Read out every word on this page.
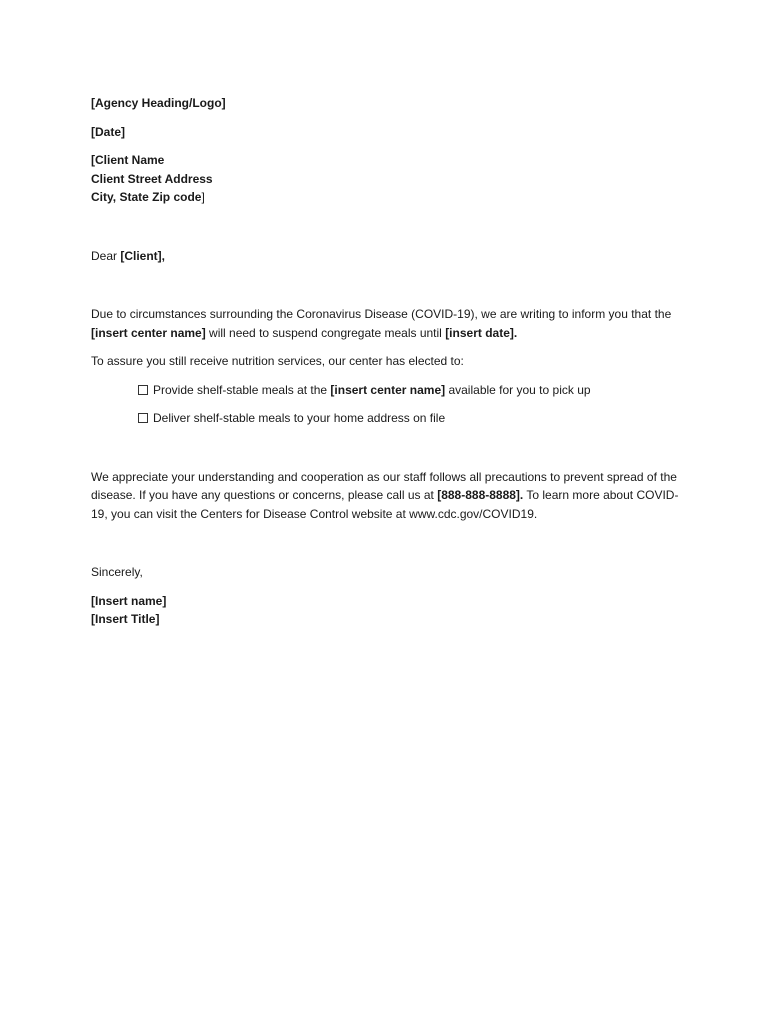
[Agency Heading/Logo]

[Date]

[Client Name

Client Street Address

City, State Zip code]

Dear [Client],

Due to circumstances surrounding the Coronavirus Disease (COVID-19), we are writing to inform you that the [insert center name] will need to suspend congregate meals until [insert date].

To assure you still receive nutrition services, our center has elected to:

Provide shelf-stable meals at the [insert center name] available for you to pick up

Deliver shelf-stable meals to your home address on file

We appreciate your understanding and cooperation as our staff follows all precautions to prevent spread of the disease. If you have any questions or concerns, please call us at [888-888-8888]. To learn more about COVID-19, you can visit the Centers for Disease Control website at www.cdc.gov/COVID19.

Sincerely,

[Insert name]

[Insert Title]
